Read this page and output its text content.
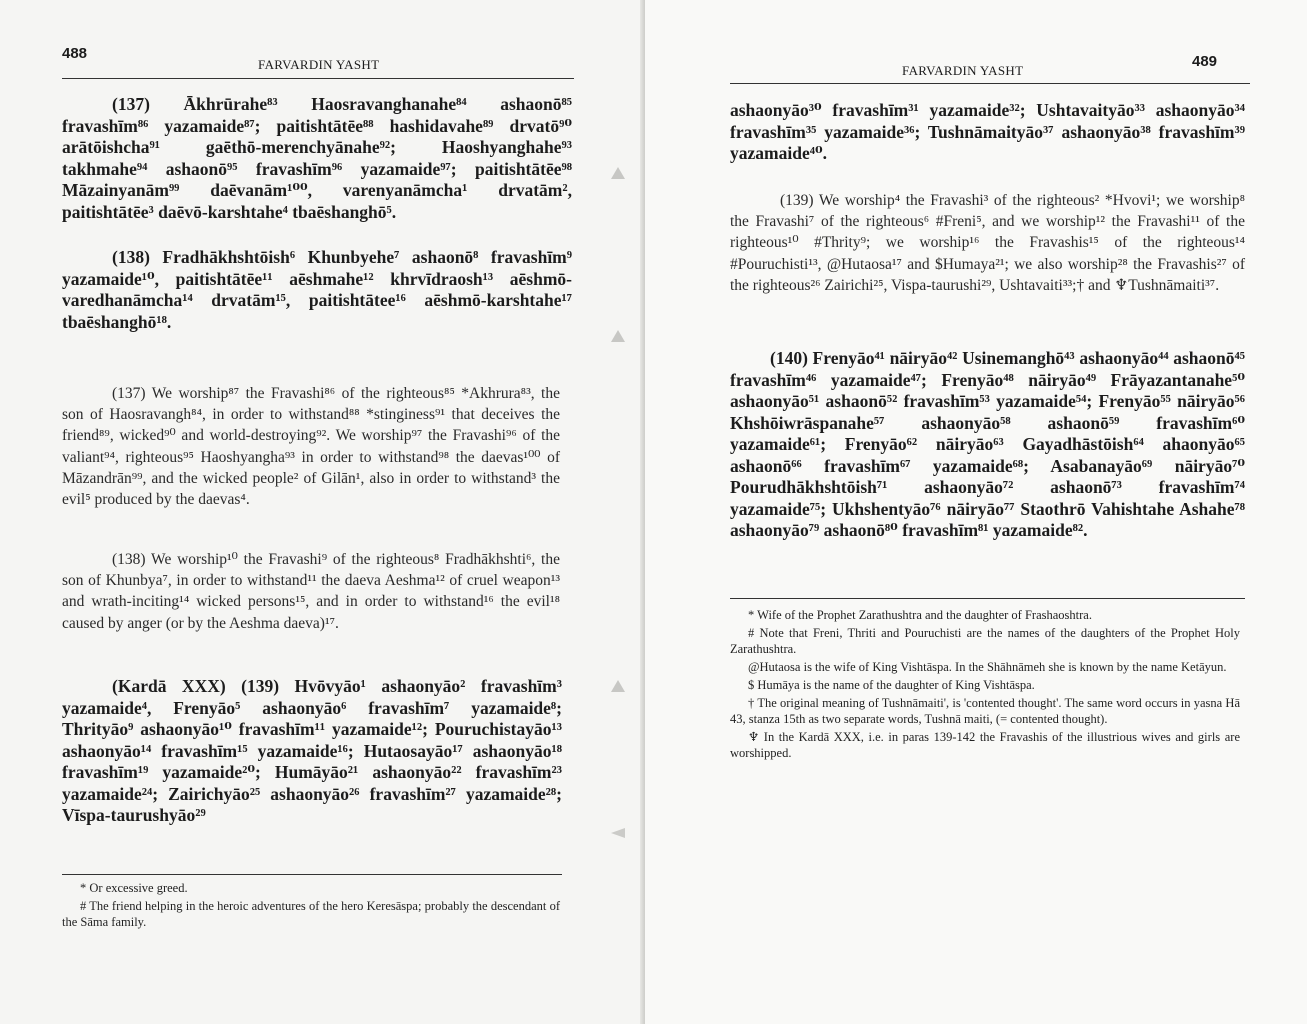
488
FARVARDIN YASHT
(137) Ākhrūrahe⁸³ Haosravanghanahe⁸⁴ ashaonō⁸⁵ fravashīm⁸⁶ yazamaide⁸⁷; paitishtātēe⁸⁸ hashidavahe⁸⁹ drvatō⁹⁰ arātōishcha⁹¹ gaēthō-merenchyānahe⁹²; Haoshyanghahe⁹³ takhmahe⁹⁴ ashaonō⁹⁵ fravashīm⁹⁶ yazamaide⁹⁷; paitishtātēe⁹⁸ Māzainyanām⁹⁹ daēvanām¹⁰⁰, varenyanāmcha¹ drvatām², paitishtātēe³ daēvō-karshtahe⁴ tbaēshanghō⁵.
(138) Fradhākhshtōish⁶ Khunbyehe⁷ ashaonō⁸ fravashīm⁹ yazamaide¹⁰, paitishtātēe¹¹ aēshmahe¹² khrvīdraosh¹³ aēshmō-varedhanāmcha¹⁴ drvatām¹⁵, paitishtātee¹⁶ aēshmō-karshtahe¹⁷ tbaēshanghō¹⁸.
(137) We worship⁸⁷ the Fravashi⁸⁶ of the righteous⁸⁵ *Akhrura⁸³, the son of Haosravangh⁸⁴, in order to withstand⁸⁸ *stinginess⁹¹ that deceives the friend⁸⁹, wicked⁹⁰ and world-destroying⁹². We worship⁹⁷ the Fravashi⁹⁶ of the valiant⁹⁴, righteous⁹⁵ Haoshyangha⁹³ in order to withstand⁹⁸ the daevas¹⁰⁰ of Māzandrān⁹⁹, and the wicked people² of Gilān¹, also in order to withstand³ the evil⁵ produced by the daevas⁴.
(138) We worship¹⁰ the Fravashi⁹ of the righteous⁸ Fradhākhshti⁶, the son of Khunbya⁷, in order to withstand¹¹ the daeva Aeshma¹² of cruel weapon¹³ and wrath-inciting¹⁴ wicked persons¹⁵, and in order to withstand¹⁶ the evil¹⁸ caused by anger (or by the Aeshma daeva)¹⁷.
(Kardā XXX) (139) Hvōvyāo¹ ashaonyāo² fravashīm³ yazamaide⁴, Frenyāo⁵ ashaonyāo⁶ fravashīm⁷ yazamaide⁸; Thrityāo⁹ ashaonyāo¹⁰ fravashīm¹¹ yazamaide¹²; Pouruchistayāo¹³ ashaonyāo¹⁴ fravashīm¹⁵ yazamaide¹⁶; Hutaosayāo¹⁷ ashaonyāo¹⁸ fravashīm¹⁹ yazamaide²⁰; Humāyāo²¹ ashaonyāo²² fravashīm²³ yazamaide²⁴; Zairichyāo²⁵ ashaonyāo²⁶ fravashīm²⁷ yazamaide²⁸; Vīspa-taurushyāo²⁹

* Or excessive greed.

# The friend helping in the heroic adventures of the hero Keresāspa; probably the descendant of the Sāma family.

FARVARDIN YASHT
489
ashaonyāo³⁰ fravashīm³¹ yazamaide³²; Ushtavaityāo³³ ashaonyāo³⁴ fravashīm³⁵ yazamaide³⁶; Tushnāmaityāo³⁷ ashaonyāo³⁸ fravashīm³⁹ yazamaide⁴⁰.
(139) We worship⁴ the Fravashi³ of the righteous² *Hvovi¹; we worship⁸ the Fravashi⁷ of the righteous⁶ #Freni⁵, and we worship¹² the Fravashi¹¹ of the righteous¹⁰ #Thrity⁹; we worship¹⁶ the Fravashis¹⁵ of the righteous¹⁴ #Pouruchisti¹³, @Hutaosa¹⁷ and $Humaya²¹; we also worship²⁸ the Fravashis²⁷ of the righteous²⁶ Zairichi²⁵, Vispa-taurushi²⁹, Ushtavaiti³³;† and ♆Tushnāmaiti³⁷.
(140) Frenyāo⁴¹ nāiryāo⁴² Usinemanghō⁴³ ashaonyāo⁴⁴ ashaonō⁴⁵ fravashīm⁴⁶ yazamaide⁴⁷; Frenyāo⁴⁸ nāiryāo⁴⁹ Frāyazantanahe⁵⁰ ashaonyāo⁵¹ ashaonō⁵² fravashīm⁵³ yazamaide⁵⁴; Frenyāo⁵⁵ nāiryāo⁵⁶ Khshōiwrāspanahe⁵⁷ ashaonyāo⁵⁸ ashaonō⁵⁹ fravashīm⁶⁰ yazamaide⁶¹; Frenyāo⁶² nāiryāo⁶³ Gayadhāstōish⁶⁴ ahaonyāo⁶⁵ ashaonō⁶⁶ fravashīm⁶⁷ yazamaide⁶⁸; Asabanayāo⁶⁹ nāiryāo⁷⁰ Pourudhākhshtōish⁷¹ ashaonyāo⁷² ashaonō⁷³ fravashīm⁷⁴ yazamaide⁷⁵; Ukhshentyāo⁷⁶ nāiryāo⁷⁷ Staothrō Vahishtahe Ashahe⁷⁸ ashaonyāo⁷⁹ ashaonō⁸⁰ fravashīm⁸¹ yazamaide⁸².

* Wife of the Prophet Zarathushtra and the daughter of Frashaoshtra.

# Note that Freni, Thriti and Pouruchisti are the names of the daughters of the Prophet Holy Zarathushtra.

@Hutaosa is the wife of King Vishtāspa. In the Shāhnāmeh she is known by the name Ketāyun.

$ Humāya is the name of the daughter of King Vishtāspa.

† The original meaning of Tushnāmaiti', is 'contented thought'. The same word occurs in yasna Hā 43, stanza 15th as two separate words, Tushnā maiti, (= contented thought).

♆ In the Kardā XXX, i.e. in paras 139-142 the Fravashis of the illustrious wives and girls are worshipped.
